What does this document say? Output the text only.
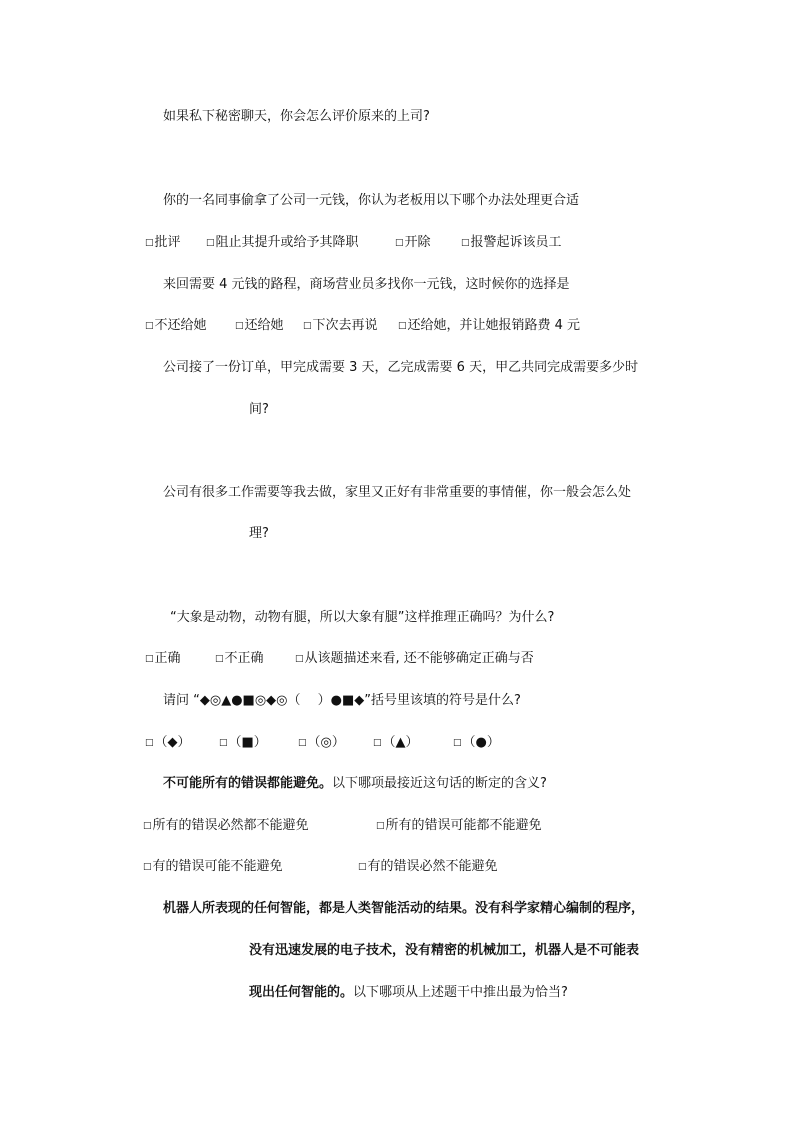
如果私下秘密聊天，你会怎么评价原来的上司?
你的一名同事偷拿了公司一元钱，你认为老板用以下哪个办法处理更合适
□批评	□阻止其提升或给予其降职	□开除	□报警起诉该员工
来回需要 4 元钱的路程，商场营业员多找你一元钱，这时候你的选择是
□不还给她	□还给她 □下次去再说 □还给她，并让她报销路费 4 元
公司接了一份订单，甲完成需要 3 天，乙完成需要 6 天，甲乙共同完成需要多少时
间?
公司有很多工作需要等我去做，家里又正好有非常重要的事情催，你一般会怎么处
理?
“大象是动物，动物有腿，所以大象有腿”这样推理正确吗？为什么?
□正确	□不正确	□从该题描述来看, 还不能够确定正确与否
请问 “◆◎▲●■◎◆◎（　 ）●■◆”括号里该填的符号是什么?
□（◆）	□（■）	□（◎）	□（▲）	□（●）
不可能所有的错误都能避免。以下哪项最接近这句话的断定的含义?
□所有的错误必然都不能避免	□所有的错误可能都不能避免
□有的错误可能不能避免	□有的错误必然不能避免
机器人所表现的任何智能，都是人类智能活动的结果。没有科学家精心编制的程序，
没有迅速发展的电子技术，没有精密的机械加工，机器人是不可能表
现出任何智能的。以下哪项从上述题干中推出最为恰当?
